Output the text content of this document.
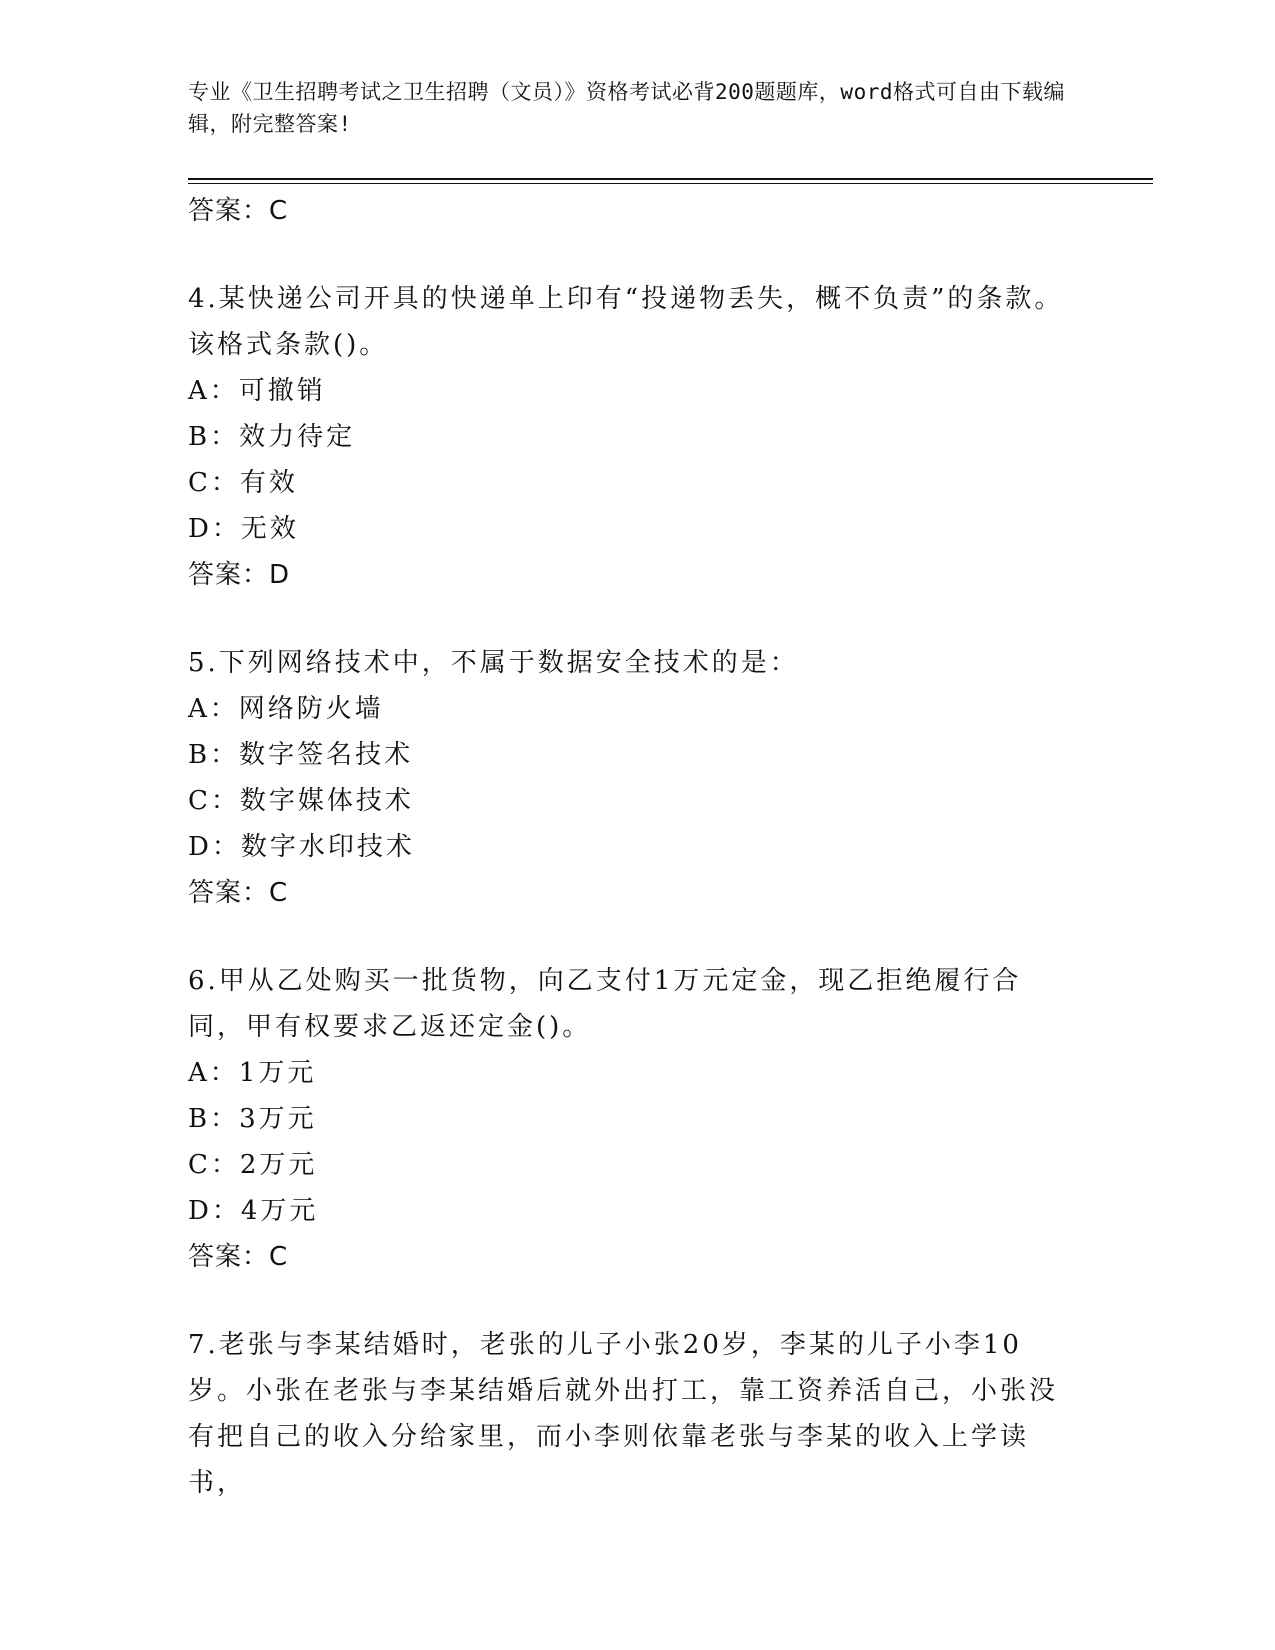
专业《卫生招聘考试之卫生招聘（文员）》资格考试必背200题题库，word格式可自由下载编辑，附完整答案!
答案：C
4.某快递公司开具的快递单上印有“投递物丢失，概不负责”的条款。该格式条款()。
A：可撤销
B：效力待定
C：有效
D：无效
答案：D
5.下列网络技术中，不属于数据安全技术的是：
A：网络防火墙
B：数字签名技术
C：数字媒体技术
D：数字水印技术
答案：C
6.甲从乙处购买一批货物，向乙支付1万元定金，现乙拒绝履行合同，甲有权要求乙返还定金()。
A：1万元
B：3万元
C：2万元
D：4万元
答案：C
7.老张与李某结婚时，老张的儿子小张20岁，李某的儿子小李10岁。小张在老张与李某结婚后就外出打工，靠工资养活自己，小张没有把自己的收入分给家里，而小李则依靠老张与李某的收入上学读书，
